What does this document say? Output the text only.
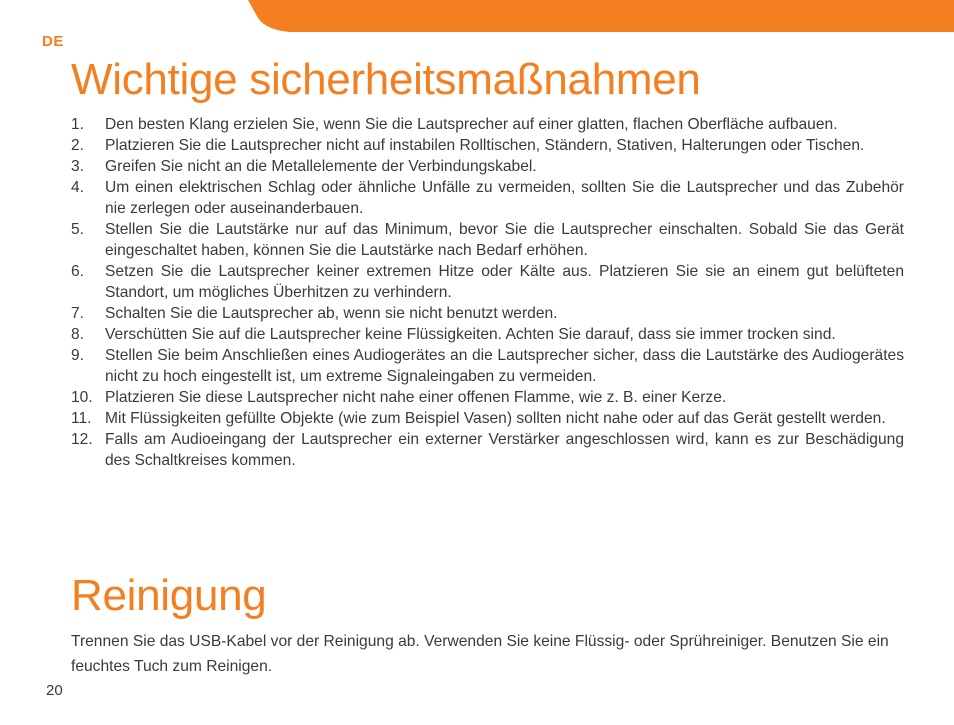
DE
Wichtige sicherheitsmaßnahmen
1. Den besten Klang erzielen Sie, wenn Sie die Lautsprecher auf einer glatten, flachen Oberfläche aufbauen.
2. Platzieren Sie die Lautsprecher nicht auf instabilen Rolltischen, Ständern, Stativen, Halterungen oder Tischen.
3. Greifen Sie nicht an die Metallelemente der Verbindungskabel.
4. Um einen elektrischen Schlag oder ähnliche Unfälle zu vermeiden, sollten Sie die Lautsprecher und das Zubehör nie zerlegen oder auseinanderbauen.
5. Stellen Sie die Lautstärke nur auf das Minimum, bevor Sie die Lautsprecher einschalten. Sobald Sie das Gerät eingeschaltet haben, können Sie die Lautstärke nach Bedarf erhöhen.
6. Setzen Sie die Lautsprecher keiner extremen Hitze oder Kälte aus. Platzieren Sie sie an einem gut belüfteten Standort, um mögliches Überhitzen zu verhindern.
7. Schalten Sie die Lautsprecher ab, wenn sie nicht benutzt werden.
8. Verschütten Sie auf die Lautsprecher keine Flüssigkeiten. Achten Sie darauf, dass sie immer trocken sind.
9. Stellen Sie beim Anschließen eines Audiogerätes an die Lautsprecher sicher, dass die Lautstärke des Audiogerätes nicht zu hoch eingestellt ist, um extreme Signaleingaben zu vermeiden.
10. Platzieren Sie diese Lautsprecher nicht nahe einer offenen Flamme, wie z. B. einer Kerze.
11. Mit Flüssigkeiten gefüllte Objekte (wie zum Beispiel Vasen) sollten nicht nahe oder auf das Gerät gestellt werden.
12. Falls am Audioeingang der Lautsprecher ein externer Verstärker angeschlossen wird, kann es zur Beschädigung des Schaltkreises kommen.
Reinigung

Trennen Sie das USB-Kabel vor der Reinigung ab. Verwenden Sie keine Flüssig- oder Sprühreiniger. Benutzen Sie ein feuchtes Tuch zum Reinigen.

20
